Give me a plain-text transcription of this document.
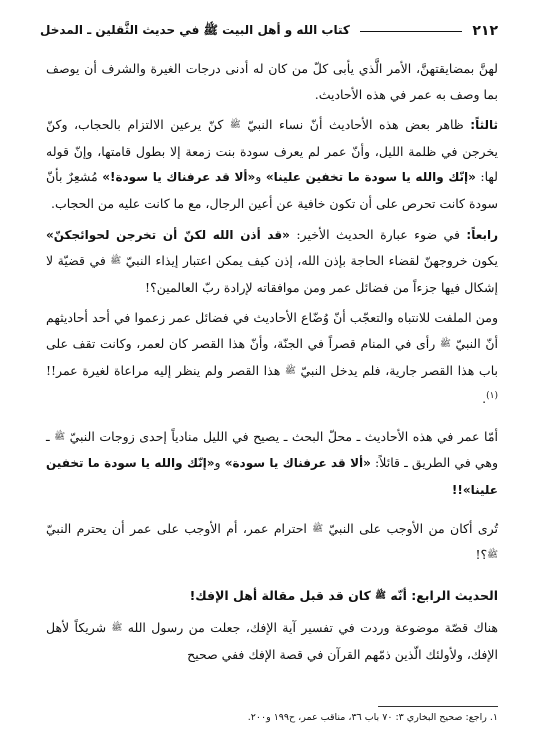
٢١٢
كتاب الله و أهل البيت ﷺ في حديث الثَّقلين ـ المدخل

لهنَّ بمضايقتهنَّ، الأمر الَّذي يأبى كلّ من كان له أدنى درجات الغيرة والشرف أن يوصف بما وصف به عمر في هذه الأحاديث.

ثالثاً: ظاهر بعض هذه الأحاديث أنّ نساء النبيّ ﷺ كنّ يرعين الالتزام بالحجاب، وكنّ يخرجن في ظلمة الليل، وأنّ عمر لم يعرف سودة بنت زمعة إلا بطول قامتها، وإنّ قوله لها: «إنّك والله يا سودة ما تخفين علينا» و«ألا قد عرفناك يا سودة!» مُشعِرٌ بأنّ سودة كانت تحرص على أن تكون خافية عن أعين الرجال، مع ما كانت عليه من الحجاب.

رابعاً: في ضوء عبارة الحديث الأخير: «قد أذن الله لكنّ أن تخرجن لحوائجكنّ» يكون خروجهنّ لقضاء الحاجة بإذن الله، إذن كيف يمكن اعتبار إيذاء النبيّ ﷺ في قضيّة لا إشكال فيها جزءاً من فضائل عمر ومن موافقاته لإرادة ربّ العالمين؟!

ومن الملفت للانتباه والتعجّب أنّ وُضّاع الأحاديث في فضائل عمر زعموا في أحد أحاديثهم أنّ النبيّ ﷺ رأى في المنام قصراً في الجنّة، وأنّ هذا القصر كان لعمر، وكانت تقف على باب هذا القصر جارية، فلم يدخل النبيّ ﷺ هذا القصر ولم ينظر إليه مراعاة لغيرة عمر!!$^{(١)}$.

أمّا عمر في هذه الأحاديث ـ محلّ البحث ـ يصيح في الليل منادياً إحدى زوجات النبيّ ﷺ ـ وهي في الطريق ـ قائلاً: «ألا قد عرفناك يا سودة» و«إنّك والله يا سودة ما تخفين علينا»!!

تُرى أكان من الأوجب على النبيّ ﷺ احترام عمر، أم الأوجب على عمر أن يحترم النبيّ ﷺ؟!

الحديث الرابع: أنّه ﷺ كان قد قبل مقالة أهل الإفك!

هناك قصّة موضوعة وردت في تفسير آية الإفك، جعلت من رسول الله ﷺ شريكاً لأهل الإفك، ولأولئك الّذين ذمّهم القرآن في قصة الإفك ففي صحيح

١. راجع: صحيح البخاري ٣: ٧٠ باب ٣٦، مناقب عمر، ح١٩٩ و٢٠٠.
